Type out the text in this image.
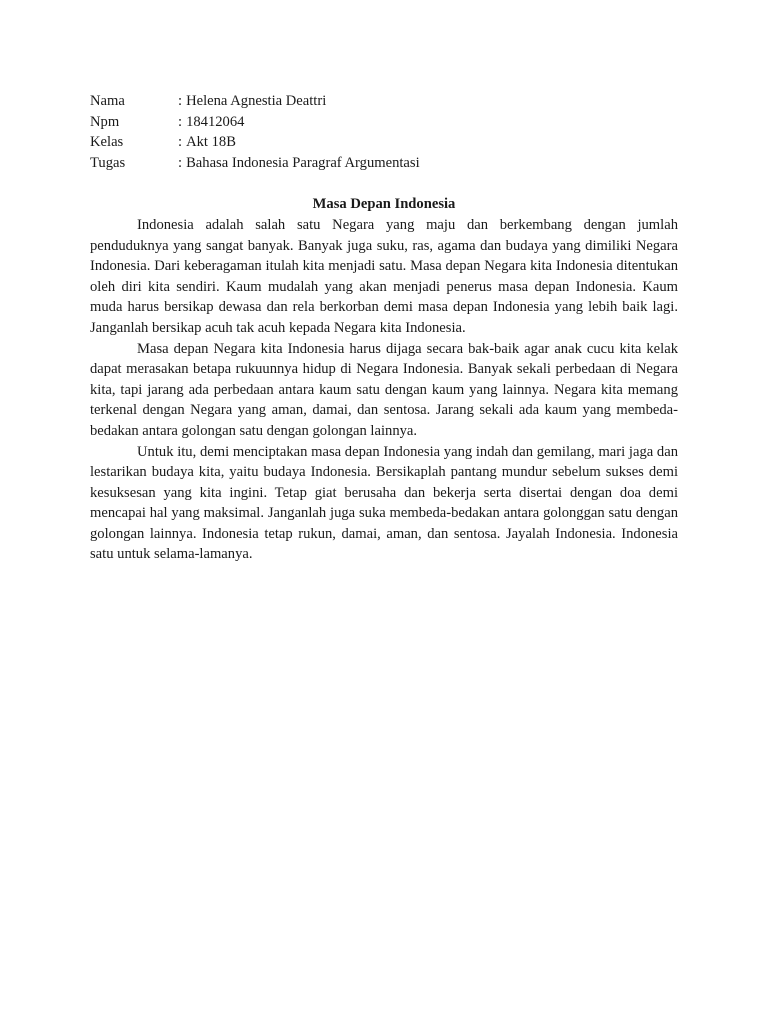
Nama	: Helena Agnestia Deattri
Npm	: 18412064
Kelas	: Akt 18B
Tugas	: Bahasa Indonesia Paragraf Argumentasi
Masa Depan Indonesia

Indonesia adalah salah satu Negara yang maju dan berkembang dengan jumlah penduduknya yang sangat banyak. Banyak juga suku, ras, agama dan budaya yang dimiliki Negara Indonesia. Dari keberagaman itulah kita menjadi satu. Masa depan Negara kita Indonesia ditentukan oleh diri kita sendiri. Kaum mudalah yang akan menjadi penerus masa depan Indonesia. Kaum muda harus bersikap dewasa dan rela berkorban demi masa depan Indonesia yang lebih baik lagi. Janganlah bersikap acuh tak acuh kepada Negara kita Indonesia.

Masa depan Negara kita Indonesia harus dijaga secara bak-baik agar anak cucu kita kelak dapat merasakan betapa rukuunnya hidup di Negara Indonesia. Banyak sekali perbedaan di Negara kita, tapi jarang ada perbedaan antara kaum satu dengan kaum yang lainnya. Negara kita memang terkenal dengan Negara yang aman, damai, dan sentosa. Jarang sekali ada kaum yang membeda-bedakan antara golongan satu dengan golongan lainnya.

Untuk itu, demi menciptakan masa depan Indonesia yang indah dan gemilang, mari jaga dan lestarikan budaya kita, yaitu budaya Indonesia. Bersikaplah pantang mundur sebelum sukses demi kesuksesan yang kita ingini. Tetap giat berusaha dan bekerja serta disertai dengan doa demi mencapai hal yang maksimal. Janganlah juga suka membeda-bedakan antara golonggan satu dengan golongan lainnya. Indonesia tetap rukun, damai, aman, dan sentosa. Jayalah Indonesia. Indonesia satu untuk selama-lamanya.
